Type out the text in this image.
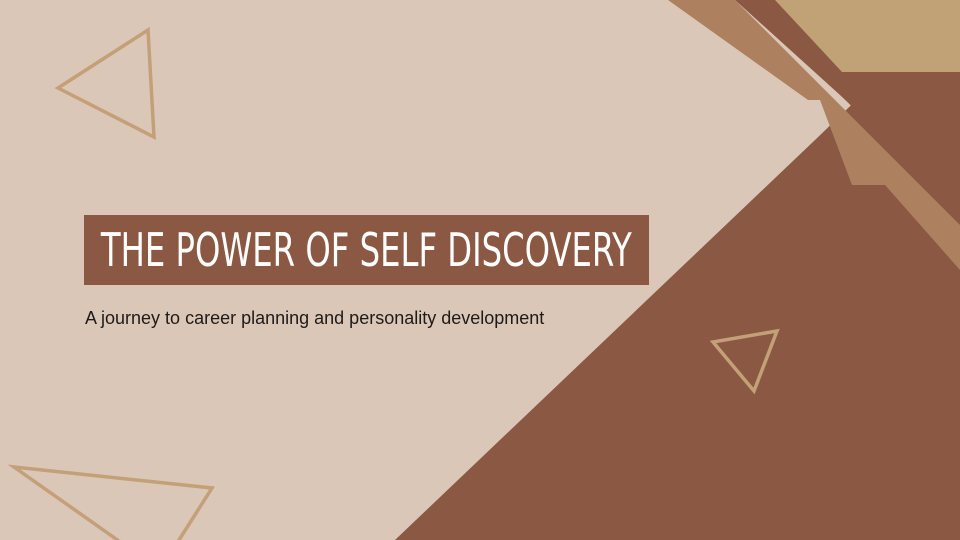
THE POWER OF SELF DISCOVERY
A journey to career planning and personality development
